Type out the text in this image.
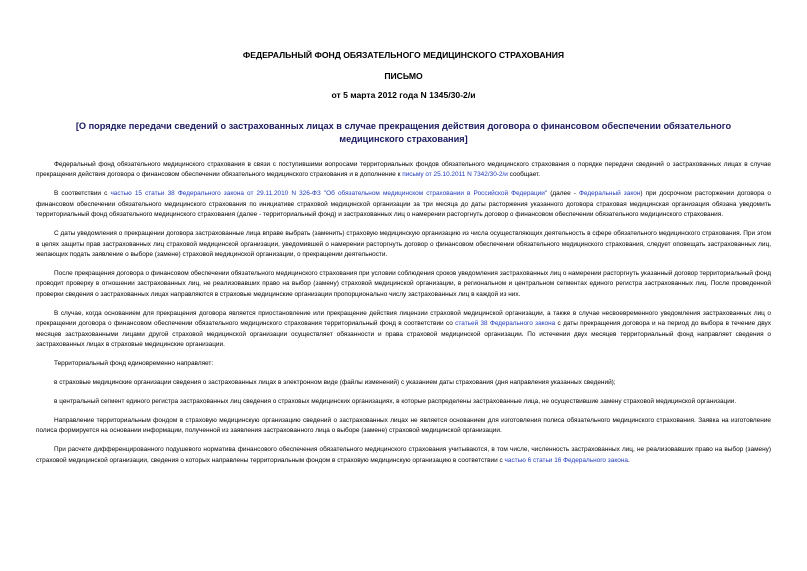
ФЕДЕРАЛЬНЫЙ ФОНД ОБЯЗАТЕЛЬНОГО МЕДИЦИНСКОГО СТРАХОВАНИЯ
ПИСЬМО
от 5 марта 2012 года N 1345/30-2/и
[О порядке передачи сведений о застрахованных лицах в случае прекращения действия договора о финансовом обеспечении обязательного медицинского страхования]

Федеральный фонд обязательного медицинского страхования в связи с поступившими вопросами территориальных фондов обязательного медицинского страхования о порядке передачи сведений о застрахованных лицах в случае прекращения действия договора о финансовом обеспечении обязательного медицинского страхования и в дополнение к письму от 25.10.2011 N 7342/30-2/и сообщает.

В соответствии с частью 15 статьи 38 Федерального закона от 29.11.2010 N 326-ФЗ "Об обязательном медицинском страховании в Российской Федерации" (далее - Федеральный закон) при досрочном расторжении договора о финансовом обеспечении обязательного медицинского страхования по инициативе страховой медицинской организации за три месяца до даты расторжения указанного договора страховая медицинская организация обязана уведомить территориальный фонд обязательного медицинского страхования (далее - территориальный фонд) и застрахованных лиц о намерении расторгнуть договор о финансовом обеспечении обязательного медицинского страхования.

С даты уведомления о прекращении договора застрахованные лица вправе выбрать (заменить) страховую медицинскую организацию из числа осуществляющих деятельность в сфере обязательного медицинского страхования. При этом в целях защиты прав застрахованных лиц страховой медицинской организации, уведомившей о намерении расторгнуть договор о финансовом обеспечении обязательного медицинского страхования, следует оповещать застрахованных лиц, желающих подать заявление о выборе (замене) страховой медицинской организации, о прекращении деятельности.

После прекращения договора о финансовом обеспечении обязательного медицинского страхования при условии соблюдения сроков уведомления застрахованных лиц о намерении расторгнуть указанный договор территориальный фонд проводит проверку в отношении застрахованных лиц, не реализовавших право на выбор (замену) страховой медицинской организации, в региональном и центральном сегментах единого регистра застрахованных лиц. После проведенной проверки сведения о застрахованных лицах направляются в страховые медицинские организации пропорционально числу застрахованных лиц в каждой из них.

В случае, когда основанием для прекращения договора является приостановление или прекращение действия лицензии страховой медицинской организации, а также в случае несвоевременного уведомления застрахованных лиц о прекращении договора о финансовом обеспечении обязательного медицинского страхования территориальный фонд в соответствии со статьей 38 Федерального закона с даты прекращения договора и на период до выбора в течение двух месяцев застрахованными лицами другой страховой медицинской организации осуществляет обязанности и права страховой медицинской организации. По истечении двух месяцев территориальный фонд направляет сведения о застрахованных лицах в страховые медицинские организации.

Территориальный фонд единовременно направляет:

в страховые медицинские организации сведения о застрахованных лицах в электронном виде (файлы изменений) с указанием даты страхования (дня направления указанных сведений);

в центральный сегмент единого регистра застрахованных лиц сведения о страховых медицинских организациях, в которые распределены застрахованные лица, не осуществившие замену страховой медицинской организации.

Направление территориальным фондом в страховую медицинскую организацию сведений о застрахованных лицах не является основанием для изготовления полиса обязательного медицинского страхования. Заявка на изготовление полиса формируется на основании информации, полученной из заявления застрахованного лица о выборе (замене) страховой медицинской организации.

При расчете дифференцированного подушевого норматива финансового обеспечения обязательного медицинского страхования учитываются, в том числе, численность застрахованных лиц, не реализовавших право на выбор (замену) страховой медицинской организации, сведения о которых направлены территориальным фондом в страховую медицинскую организацию в соответствии с частью 6 статьи 16 Федерального закона.
